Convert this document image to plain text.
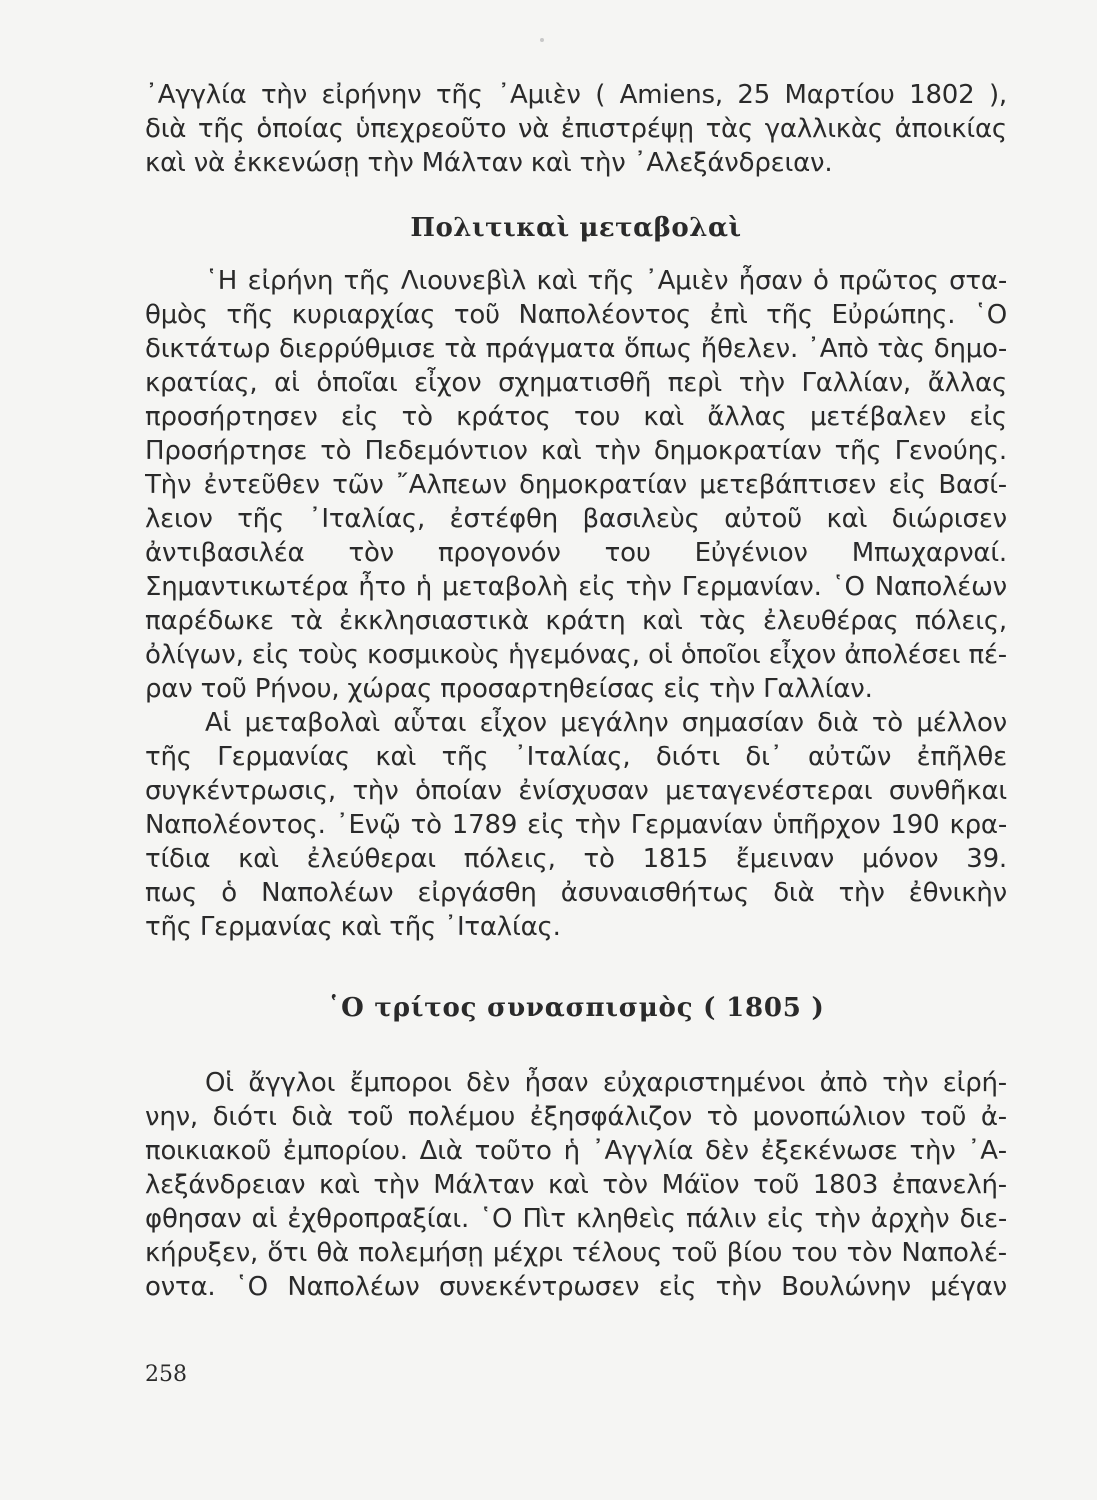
᾽Αγγλία τὴν εἰρήνην τῆς ᾽Αμιὲν ( Amiens, 25 Μαρτίου 1802 ),
διὰ τῆς ὁποίας ὑπεχρεοῦτο νὰ ἐπιστρέψῃ τὰς γαλλικὰς ἀποικίας
καὶ νὰ ἐκκενώσῃ τὴν Μάλταν καὶ τὴν ᾽Αλεξάνδρειαν.
Πολιτικαὶ μεταβολαὶ
῾Η εἰρήνη τῆς Λιουνεβὶλ καὶ τῆς ᾽Αμιὲν ἦσαν ὁ πρῶτος στα-
θμὸς τῆς κυριαρχίας τοῦ Ναπολέοντος ἐπὶ τῆς Εὐρώπης. ῾Ο
δικτάτωρ διερρύθμισε τὰ πράγματα ὅπως ἤθελεν. ᾽Απὸ τὰς δημο-
κρατίας, αἱ ὁποῖαι εἶχον σχηματισθῆ περὶ τὴν Γαλλίαν, ἄλλας
προσήρτησεν εἰς τὸ κράτος του καὶ ἄλλας μετέβαλεν εἰς
Προσήρτησε τὸ Πεδεμόντιον καὶ τὴν δημοκρατίαν τῆς Γενούης.
Τὴν ἐντεῦθεν τῶν ῎Αλπεων δημοκρατίαν μετεβάπτισεν εἰς Βασί-
λειον τῆς ᾽Ιταλίας, ἐστέφθη βασιλεὺς αὐτοῦ καὶ διώρισεν
ἀντιβασιλέα τὸν προγονόν του Εὐγένιον Μπωχαρναί.
Σημαντικωτέρα ἦτο ἡ μεταβολὴ εἰς τὴν Γερμανίαν. ῾Ο Ναπολέων
παρέδωκε τὰ ἐκκλησιαστικὰ κράτη καὶ τὰς ἐλευθέρας πόλεις,
ὀλίγων, εἰς τοὺς κοσμικοὺς ἡγεμόνας, οἱ ὁποῖοι εἶχον ἀπολέσει πέ-
ραν τοῦ Ρήνου, χώρας προσαρτηθείσας εἰς τὴν Γαλλίαν.
Αἱ μεταβολαὶ αὗται εἶχον μεγάλην σημασίαν διὰ τὸ μέλλον
τῆς Γερμανίας καὶ τῆς ᾽Ιταλίας, διότι δι᾽ αὐτῶν ἐπῆλθε
συγκέντρωσις, τὴν ὁποίαν ἐνίσχυσαν μεταγενέστεραι συνθῆκαι
Ναπολέοντος. ᾽Ενῷ τὸ 1789 εἰς τὴν Γερμανίαν ὑπῆρχον 190 κρα-
τίδια καὶ ἐλεύθεραι πόλεις, τὸ 1815 ἔμειναν μόνον 39.
πως ὁ Ναπολέων εἰργάσθη ἀσυναισθήτως διὰ τὴν ἐθνικὴν
τῆς Γερμανίας καὶ τῆς ᾽Ιταλίας.
῾Ο τρίτος συνασπισμὸς ( 1805 )
Οἱ ἄγγλοι ἔμποροι δὲν ἦσαν εὐχαριστημένοι ἀπὸ τὴν εἰρή-
νην, διότι διὰ τοῦ πολέμου ἐξησφάλιζον τὸ μονοπώλιον τοῦ ἀ-
ποικιακοῦ ἐμπορίου. Διὰ τοῦτο ἡ ᾽Αγγλία δὲν ἐξεκένωσε τὴν ᾽Α-
λεξάνδρειαν καὶ τὴν Μάλταν καὶ τὸν Μάϊον τοῦ 1803 ἐπανελή-
φθησαν αἱ ἐχθροπραξίαι. ῾Ο Πὶτ κληθεὶς πάλιν εἰς τὴν ἀρχὴν διε-
κήρυξεν, ὅτι θὰ πολεμήσῃ μέχρι τέλους τοῦ βίου του τὸν Ναπολέ-
οντα. ῾Ο Ναπολέων συνεκέντρωσεν εἰς τὴν Βουλώνην μέγαν
258
